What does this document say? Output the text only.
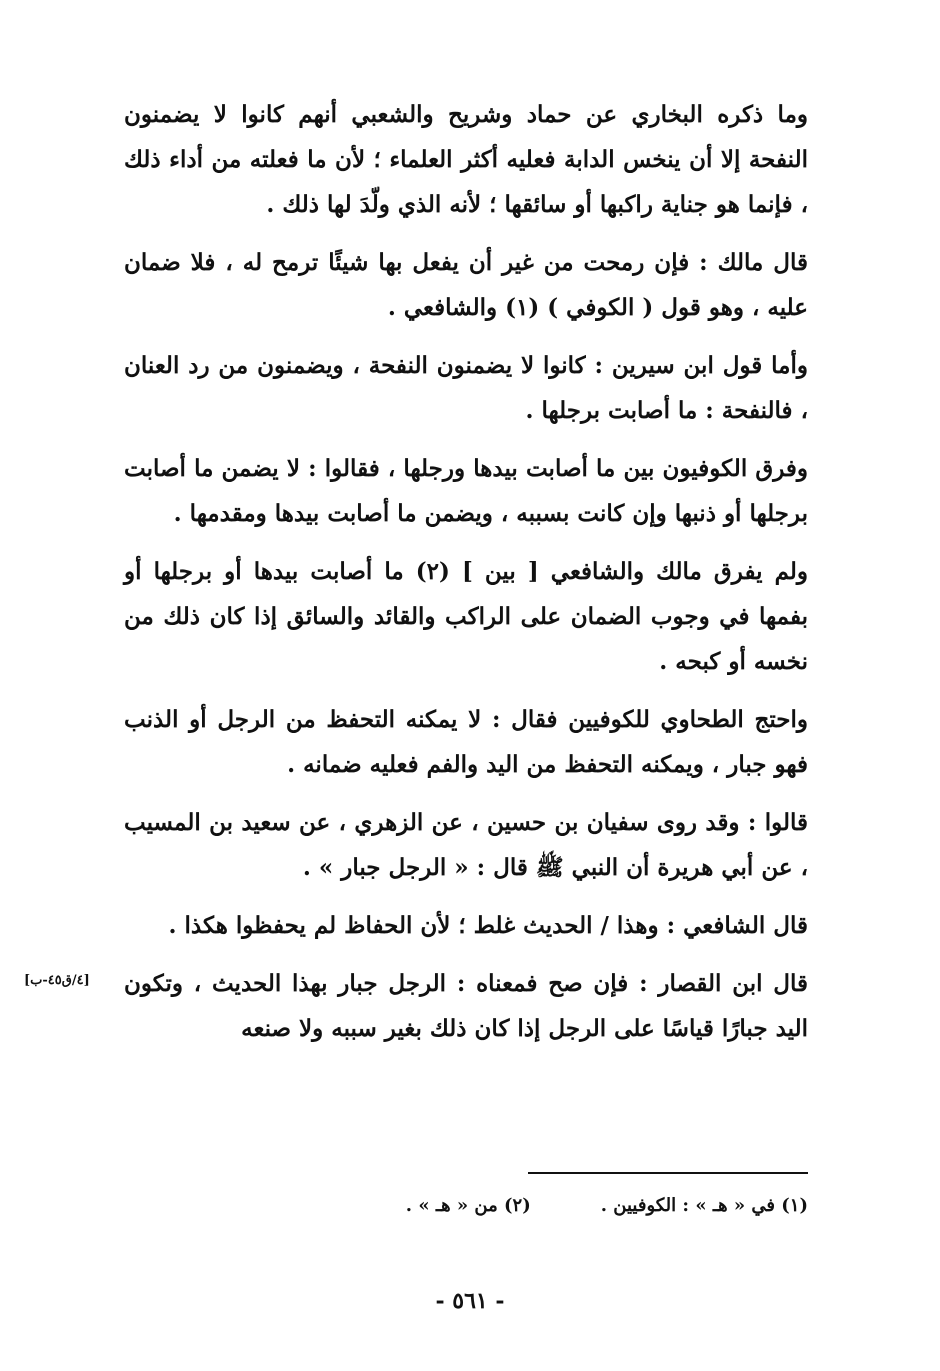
وما ذكره البخاري عن حماد وشريح والشعبي أنهم كانوا لا يضمنون النفحة إلا أن ينخس الدابة فعليه أكثر العلماء ؛ لأن ما فعلته من أداء ذلك ، فإنما هو جناية راكبها أو سائقها ؛ لأنه الذي ولّدَ لها ذلك .

قال مالك : فإن رمحت من غير أن يفعل بها شيئًا ترمح له ، فلا ضمان عليه ، وهو قول ( الكوفي ) (١) والشافعي .

وأما قول ابن سيرين : كانوا لا يضمنون النفحة ، ويضمنون من رد العنان ، فالنفحة : ما أصابت برجلها .

وفرق الكوفيون بين ما أصابت بيدها ورجلها ، فقالوا : لا يضمن ما أصابت برجلها أو ذنبها وإن كانت بسببه ، ويضمن ما أصابت بيدها ومقدمها .

ولم يفرق مالك والشافعي [ بين ] (٢) ما أصابت بيدها أو برجلها أو بفمها في وجوب الضمان على الراكب والقائد والسائق إذا كان ذلك من نخسه أو كبحه .

واحتج الطحاوي للكوفيين فقال : لا يمكنه التحفظ من الرجل أو الذنب فهو جبار ، ويمكنه التحفظ من اليد والفم فعليه ضمانه .

قالوا : وقد روى سفيان بن حسين ، عن الزهري ، عن سعيد بن المسيب ، عن أبي هريرة أن النبي ﷺ قال : « الرجل جبار » .

قال الشافعي : وهذا / الحديث غلط ؛ لأن الحفاظ لم يحفظوا هكذا .

قال ابن القصار : فإن صح فمعناه : الرجل جبار بهذا الحديث ، وتكون اليد جبارًا قياسًا على الرجل إذا كان ذلك بغير سببه ولا صنعه

[٤/ق٤٥-ب]
(١) في « هـ » : الكوفيين .
(٢) من « هـ » .
- ٥٦١ -
